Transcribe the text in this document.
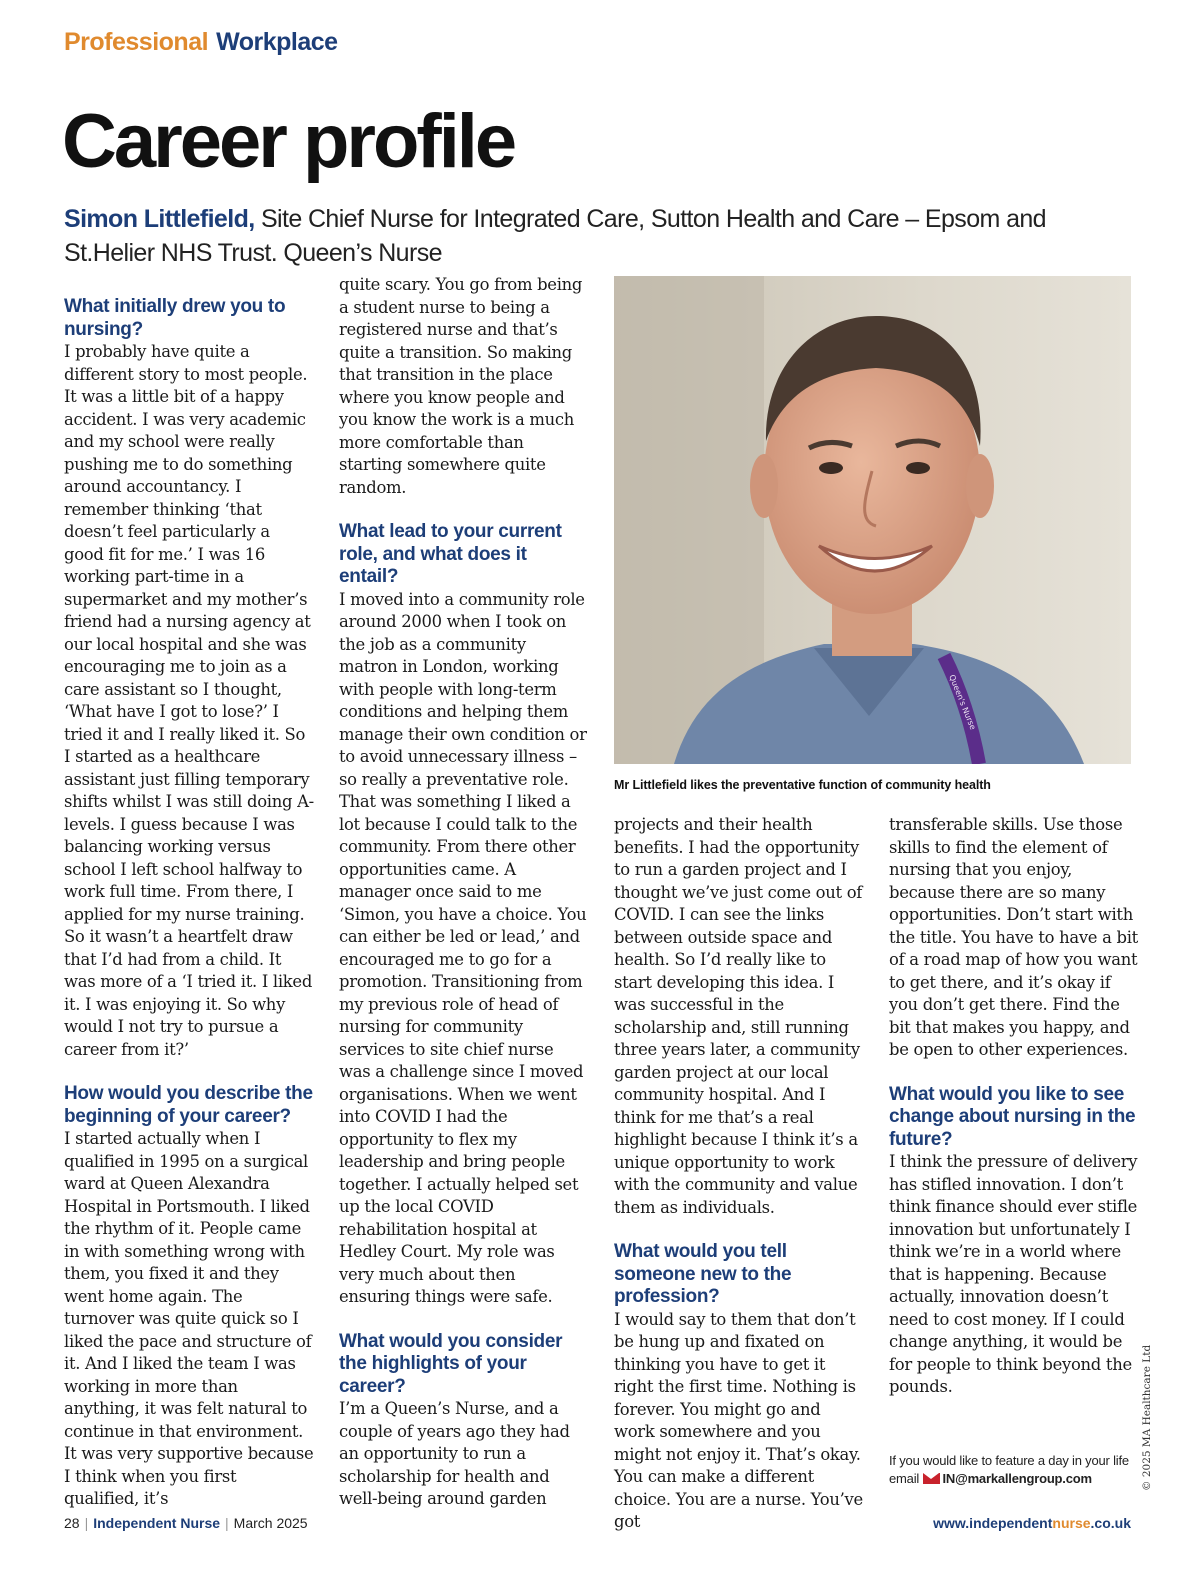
Professional Workplace
Career profile
Simon Littlefield, Site Chief Nurse for Integrated Care, Sutton Health and Care – Epsom and St.Helier NHS Trust. Queen’s Nurse
What initially drew you to nursing?

I probably have quite a different story to most people. It was a little bit of a happy accident. I was very academic and my school were really pushing me to do something around accountancy. I remember thinking ‘that doesn’t feel particularly a good fit for me.’ I was 16 working part-time in a supermarket and my mother’s friend had a nursing agency at our local hospital and she was encouraging me to join as a care assistant so I thought, ‘What have I got to lose?’ I tried it and I really liked it. So I started as a healthcare assistant just filling temporary shifts whilst I was still doing A-levels. I guess because I was balancing working versus school I left school halfway to work full time. From there, I applied for my nurse training. So it wasn’t a heartfelt draw that I’d had from a child. It was more of a ‘I tried it. I liked it. I was enjoying it. So why would I not try to pursue a career from it?’

How would you describe the beginning of your career?

I started actually when I qualified in 1995 on a surgical ward at Queen Alexandra Hospital in Portsmouth. I liked the rhythm of it. People came in with something wrong with them, you fixed it and they went home again. The turnover was quite quick so I liked the pace and structure of it. And I liked the team I was working in more than anything, it was felt natural to continue in that environment. It was very supportive because I think when you first qualified, it’s

quite scary. You go from being a student nurse to being a registered nurse and that’s quite a transition. So making that transition in the place where you know people and you know the work is a much more comfortable than starting somewhere quite random.

What lead to your current role, and what does it entail?

I moved into a community role around 2000 when I took on the job as a community matron in London, working with people with long-term conditions and helping them manage their own condition or to avoid unnecessary illness – so really a preventative role. That was something I liked a lot because I could talk to the community. From there other opportunities came. A manager once said to me ‘Simon, you have a choice. You can either be led or lead,’ and encouraged me to go for a promotion. Transitioning from my previous role of head of nursing for community services to site chief nurse was a challenge since I moved organisations. When we went into COVID I had the opportunity to flex my leadership and bring people together. I actually helped set up the local COVID rehabilitation hospital at Hedley Court. My role was very much about then ensuring things were safe.

What would you consider the highlights of your career?

I’m a Queen’s Nurse, and a couple of years ago they had an opportunity to run a scholarship for health and well-being around garden

Queen's Nurse
Mr Littlefield likes the preventative function of community health

projects and their health benefits. I had the opportunity to run a garden project and I thought we’ve just come out of COVID. I can see the links between outside space and health. So I’d really like to start developing this idea. I was successful in the scholarship and, still running three years later, a community garden project at our local community hospital. And I think for me that’s a real highlight because I think it’s a unique opportunity to work with the community and value them as individuals.

What would you tell someone new to the profession?

I would say to them that don’t be hung up and fixated on thinking you have to get it right the first time. Nothing is forever. You might go and work somewhere and you might not enjoy it. That’s okay. You can make a different choice. You are a nurse. You’ve got

transferable skills. Use those skills to find the element of nursing that you enjoy, because there are so many opportunities. Don’t start with the title. You have to have a bit of a road map of how you want to get there, and it’s okay if you don’t get there. Find the bit that makes you happy, and be open to other experiences.

What would you like to see change about nursing in the future?

I think the pressure of delivery has stifled innovation. I don’t think finance should ever stifle innovation but unfortunately I think we’re in a world where that is happening. Because actually, innovation doesn’t need to cost money. If I could change anything, it would be for people to think beyond the pounds.

If you would like to feature a day in your life
email IN@markallengroup.com	© 2025 MA Healthcare Ltd
28 | Independent Nurse | March 2025	www.independentnurse.co.uk
